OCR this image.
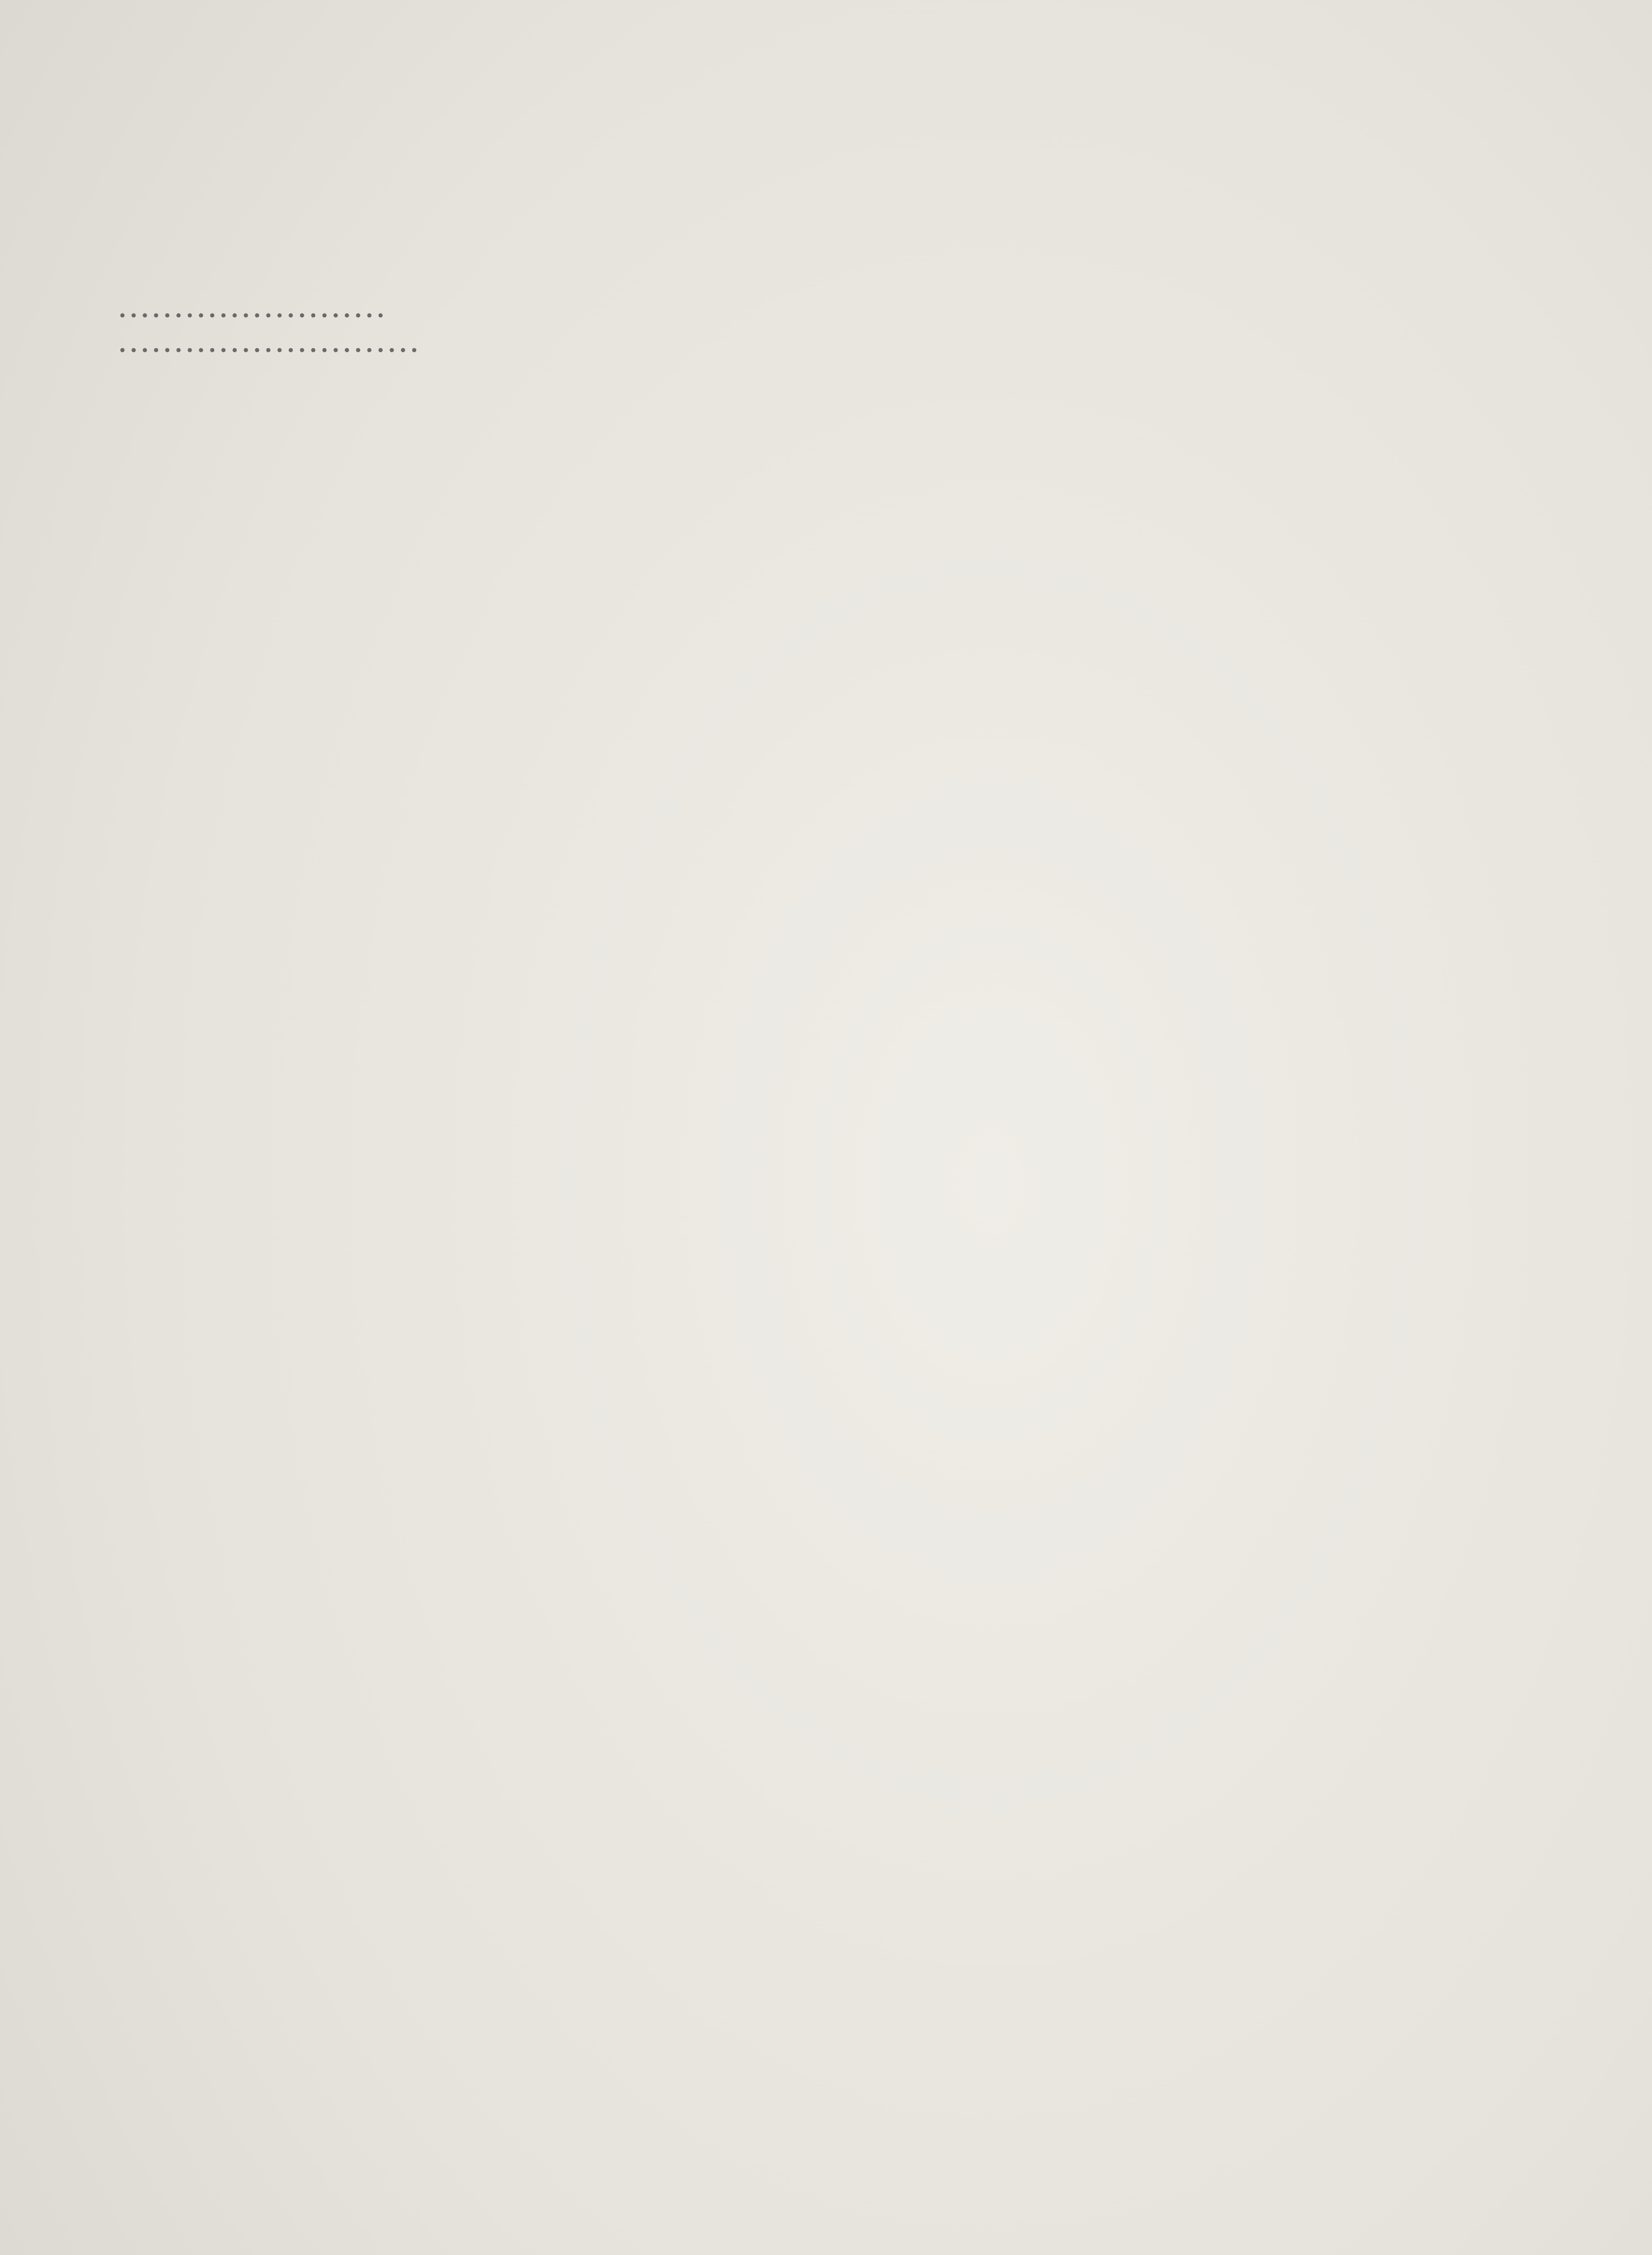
........................
...........................
